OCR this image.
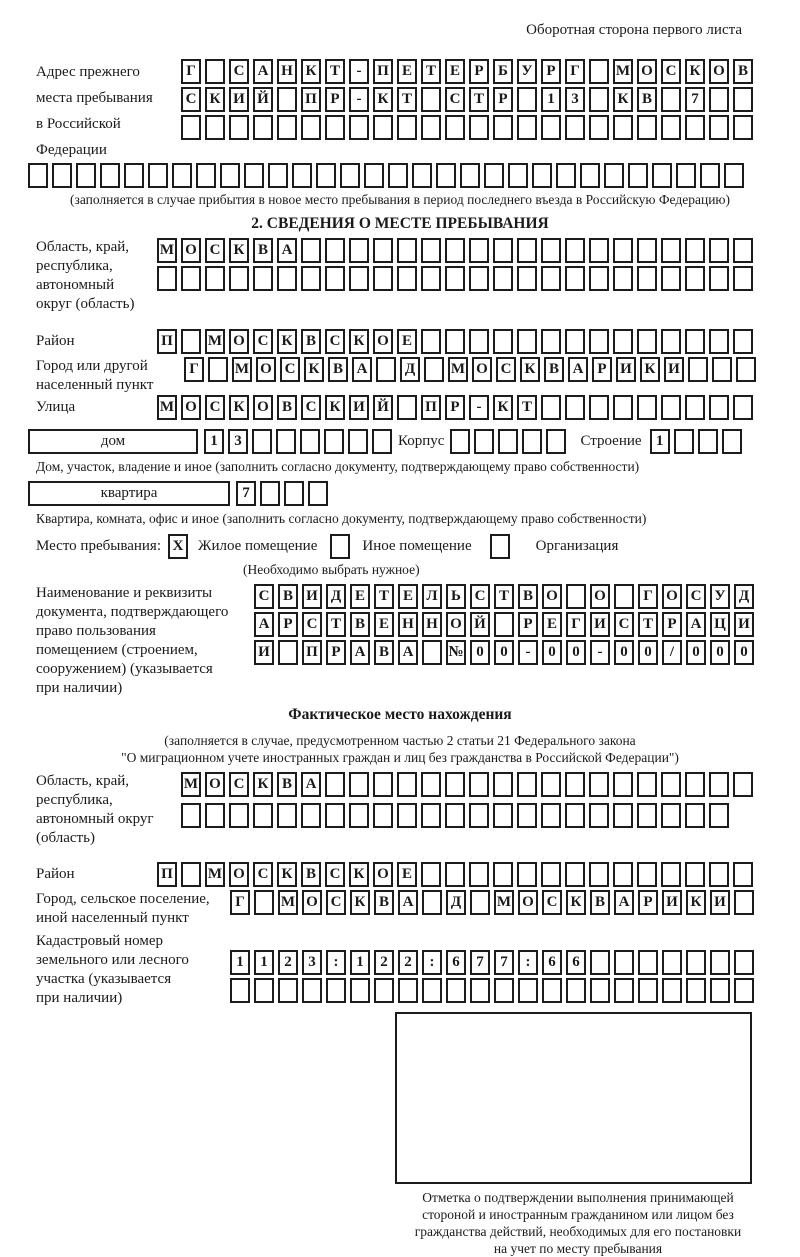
Оборотная сторона первого листа
Адрес прежнего
места пребывания
в Российской
Федерации
Г	С А Н К Т	-	П Е Т Е Р Б У Р Г	М О С К О В
С К И Й П Р	-	К Т	С Т Р	1	3	К В	7
(заполняется в случае прибытия в новое место пребывания в период последнего въезда в Российскую Федерацию)
2. СВЕДЕНИЯ О МЕСТЕ ПРЕБЫВАНИЯ
Область, край,
республика,
автономный
округ (область)
М О С К В А
Район	П М О С К В С К О Е
Город или другой
населенный пункт
Г	М О С К В А	Д	М О С К В А Р И К И
Улица	М О С К О В С К И Й П Р	-	К Т
дом	1	3	Корпус	Строение 1
Дом, участок, владение и иное (заполнить согласно документу, подтверждающему право собственности)
квартира	7
Квартира, комната, офис и иное (заполнить согласно документу, подтверждающему право собственности)
Место пребывания: X Жилое помещение	Иное помещение	Организация
(Необходимо выбрать нужное)
Наименование и реквизиты
документа, подтверждающего
право пользования
помещением (строением,
сооружением) (указывается
при наличии)
С В И Д Е Т Е Л Ь С Т В О О	Г О С У Д
А Р С Т В Е Н Н О Й	Р Е Г И С Т Р А Ц И
И П Р А В А	№ 0	0	-	0	0	-	0	0	/	0	0	0
Фактическое место нахождения
(заполняется в случае, предусмотренном частью 2 статьи 21 Федерального закона
"О миграционном учете иностранных граждан и лиц без гражданства в Российской Федерации")
Область, край,
республика,
автономный округ
(область)
М О С К В А
Район	П М О С К В С К О Е
Город, сельское поселение,
иной населенный пункт
Г	М О С К В А	Д	М О С К В А Р И К И
Кадастровый номер
земельного или лесного
участка (указывается
при наличии)
1	1	2	3	:	1	2	2	:	6	7	7	:	6	6
Отметка о подтверждении выполнения принимающей
стороной и иностранным гражданином или лицом без
гражданства действий, необходимых для его постановки
на учет по месту пребывания
